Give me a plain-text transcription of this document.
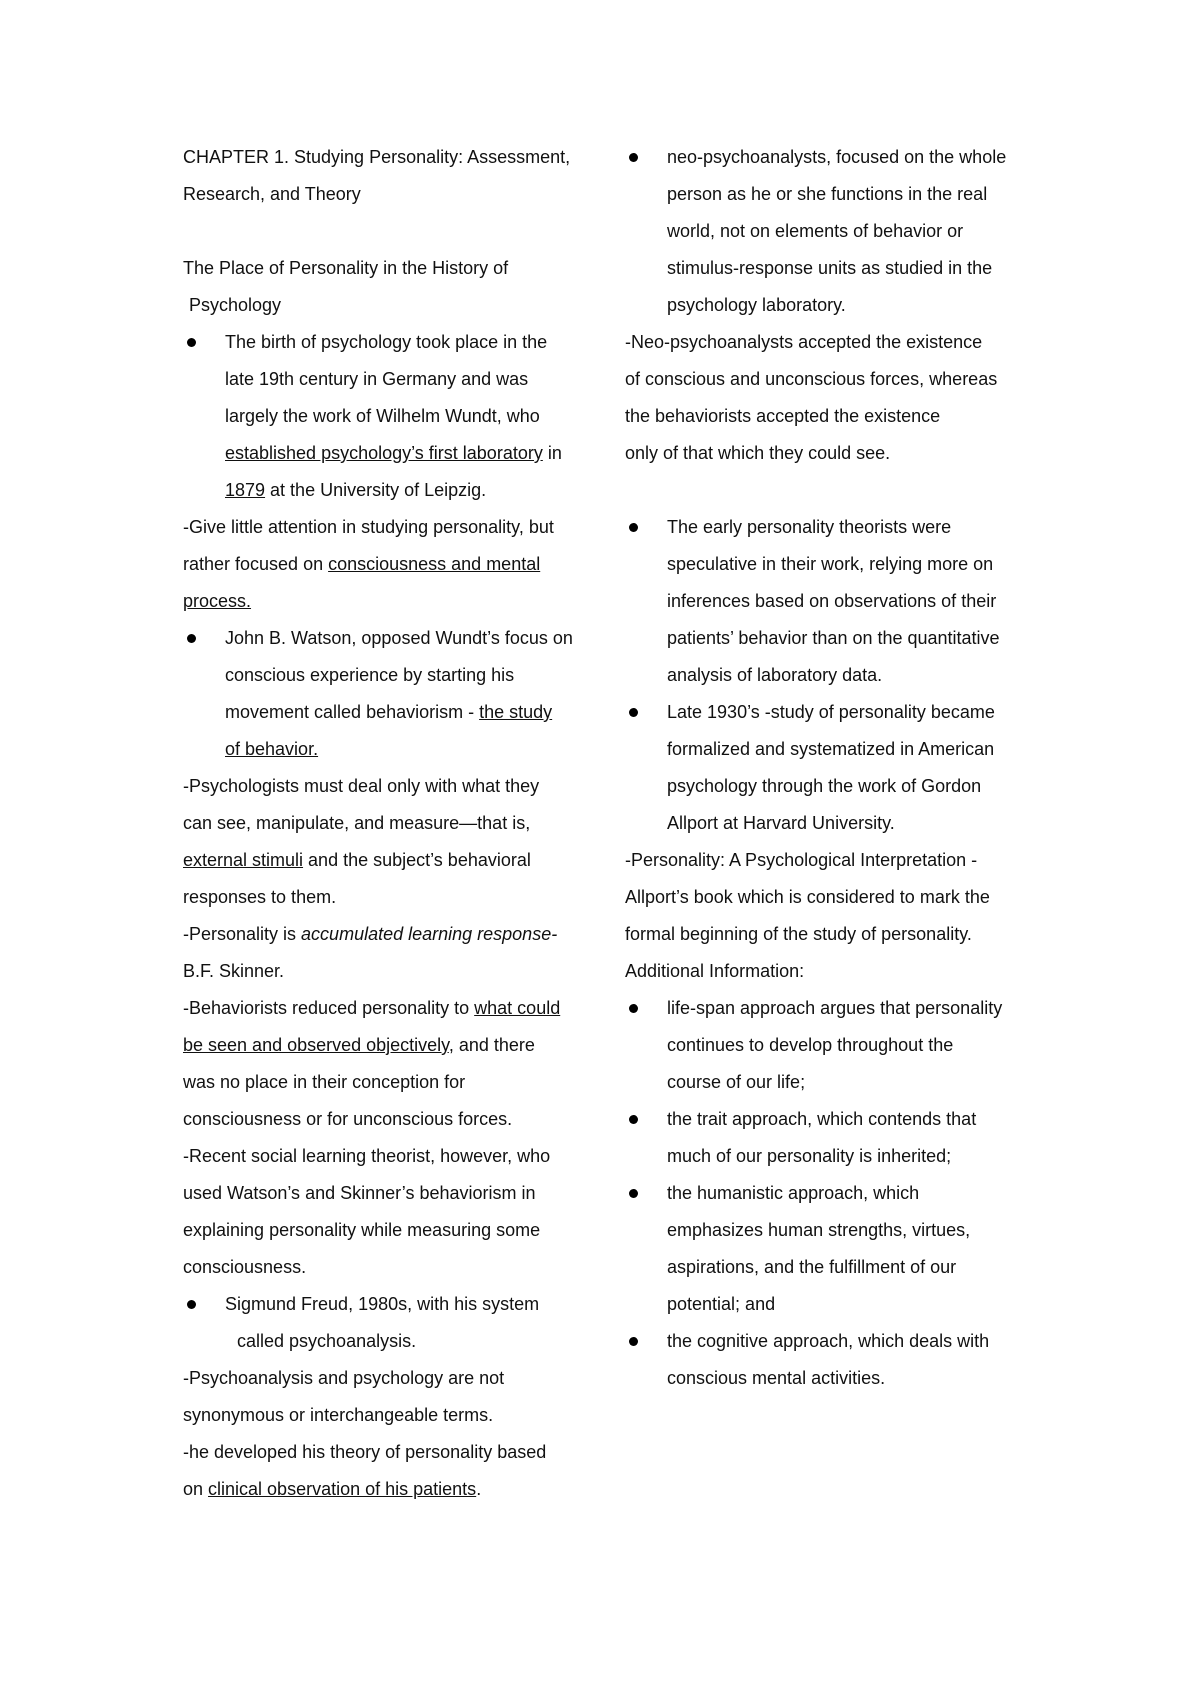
CHAPTER 1. Studying Personality: Assessment,
Research, and Theory
The Place of Personality in the History of
Psychology
The birth of psychology took place in the
late 19th century in Germany and was
largely the work of Wilhelm Wundt, who
established psychology’s first laboratory in
1879 at the University of Leipzig.
-Give little attention in studying personality, but
rather focused on consciousness and mental
process.
John B. Watson, opposed Wundt’s focus on
conscious experience by starting his
movement called behaviorism - the study
of behavior.
-Psychologists must deal only with what they
can see, manipulate, and measure—that is,
external stimuli and the subject’s behavioral
responses to them.
-Personality is accumulated learning response-
B.F. Skinner.
-Behaviorists reduced personality to what could
be seen and observed objectively, and there
was no place in their conception for
consciousness or for unconscious forces.
-Recent social learning theorist, however, who
used Watson’s and Skinner’s behaviorism in
explaining personality while measuring some
consciousness.
Sigmund Freud, 1980s, with his system
called psychoanalysis.
-Psychoanalysis and psychology are not
synonymous or interchangeable terms.
-he developed his theory of personality based
on clinical observation of his patients.
neo-psychoanalysts, focused on the whole
person as he or she functions in the real
world, not on elements of behavior or
stimulus-response units as studied in the
psychology laboratory.
-Neo-psychoanalysts accepted the existence
of conscious and unconscious forces, whereas
the behaviorists accepted the existence
only of that which they could see.
The early personality theorists were
speculative in their work, relying more on
inferences based on observations of their
patients’ behavior than on the quantitative
analysis of laboratory data.
Late 1930’s -study of personality became
formalized and systematized in American
psychology through the work of Gordon
Allport at Harvard University.
-Personality: A Psychological Interpretation -
Allport’s book which is considered to mark the
formal beginning of the study of personality.
Additional Information:
life-span approach argues that personality
continues to develop throughout the
course of our life;
the trait approach, which contends that
much of our personality is inherited;
the humanistic approach, which
emphasizes human strengths, virtues,
aspirations, and the fulfillment of our
potential; and
the cognitive approach, which deals with
conscious mental activities.
